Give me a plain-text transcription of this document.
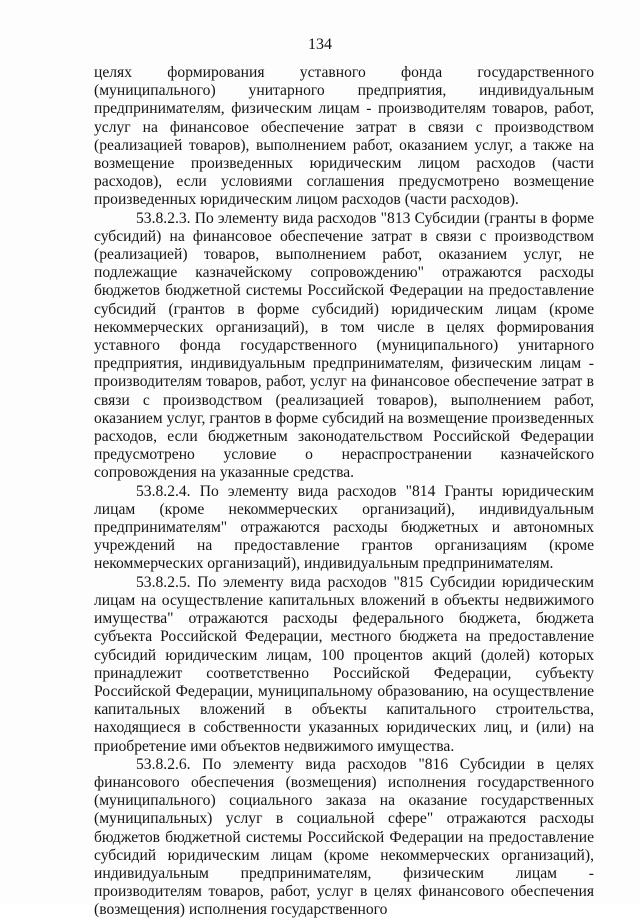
134

целях формирования уставного фонда государственного (муниципального) унитарного предприятия, индивидуальным предпринимателям, физическим лицам - производителям товаров, работ, услуг на финансовое обеспечение затрат в связи с производством (реализацией товаров), выполнением работ, оказанием услуг, а также на возмещение произведенных юридическим лицом расходов (части расходов), если условиями соглашения предусмотрено возмещение произведенных юридическим лицом расходов (части расходов).

53.8.2.3. По элементу вида расходов "813 Субсидии (гранты в форме субсидий) на финансовое обеспечение затрат в связи с производством (реализацией) товаров, выполнением работ, оказанием услуг, не подлежащие казначейскому сопровождению" отражаются расходы бюджетов бюджетной системы Российской Федерации на предоставление субсидий (грантов в форме субсидий) юридическим лицам (кроме некоммерческих организаций), в том числе в целях формирования уставного фонда государственного (муниципального) унитарного предприятия, индивидуальным предпринимателям, физическим лицам - производителям товаров, работ, услуг на финансовое обеспечение затрат в связи с производством (реализацией товаров), выполнением работ, оказанием услуг, грантов в форме субсидий на возмещение произведенных расходов, если бюджетным законодательством Российской Федерации предусмотрено условие о нераспространении казначейского сопровождения на указанные средства.

53.8.2.4. По элементу вида расходов "814 Гранты юридическим лицам (кроме некоммерческих организаций), индивидуальным предпринимателям" отражаются расходы бюджетных и автономных учреждений на предоставление грантов организациям (кроме некоммерческих организаций), индивидуальным предпринимателям.

53.8.2.5. По элементу вида расходов "815 Субсидии юридическим лицам на осуществление капитальных вложений в объекты недвижимого имущества" отражаются расходы федерального бюджета, бюджета субъекта Российской Федерации, местного бюджета на предоставление субсидий юридическим лицам, 100 процентов акций (долей) которых принадлежит соответственно Российской Федерации, субъекту Российской Федерации, муниципальному образованию, на осуществление капитальных вложений в объекты капитального строительства, находящиеся в собственности указанных юридических лиц, и (или) на приобретение ими объектов недвижимого имущества.

53.8.2.6. По элементу вида расходов "816 Субсидии в целях финансового обеспечения (возмещения) исполнения государственного (муниципального) социального заказа на оказание государственных (муниципальных) услуг в социальной сфере" отражаются расходы бюджетов бюджетной системы Российской Федерации на предоставление субсидий юридическим лицам (кроме некоммерческих организаций), индивидуальным предпринимателям, физическим лицам - производителям товаров, работ, услуг в целях финансового обеспечения (возмещения) исполнения государственного
